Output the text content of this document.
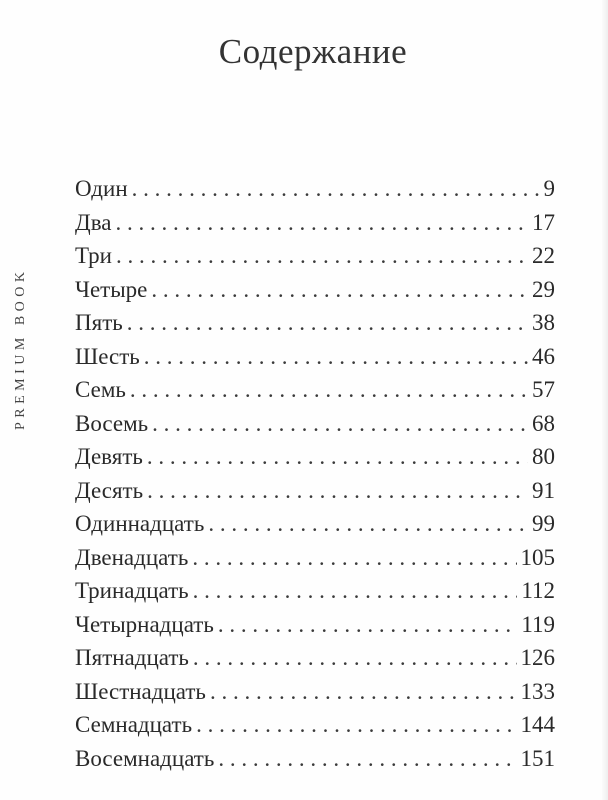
Содержание
PREMIUM BOOK
Один . . .	9
Два . . .	17
Три . . .	22
Четыре . . .	29
Пять . . .	38
Шесть . . .	46
Семь . . .	57
Восемь . . .	68
Девять . . .	80
Десять . . .	91
Одиннадцать . . .	99
Двенадцать . . .	105
Тринадцать . . .	112
Четырнадцать . . .	119
Пятнадцать . . .	126
Шестнадцать . . .	133
Семнадцать . . .	144
Восемнадцать . . .	151
